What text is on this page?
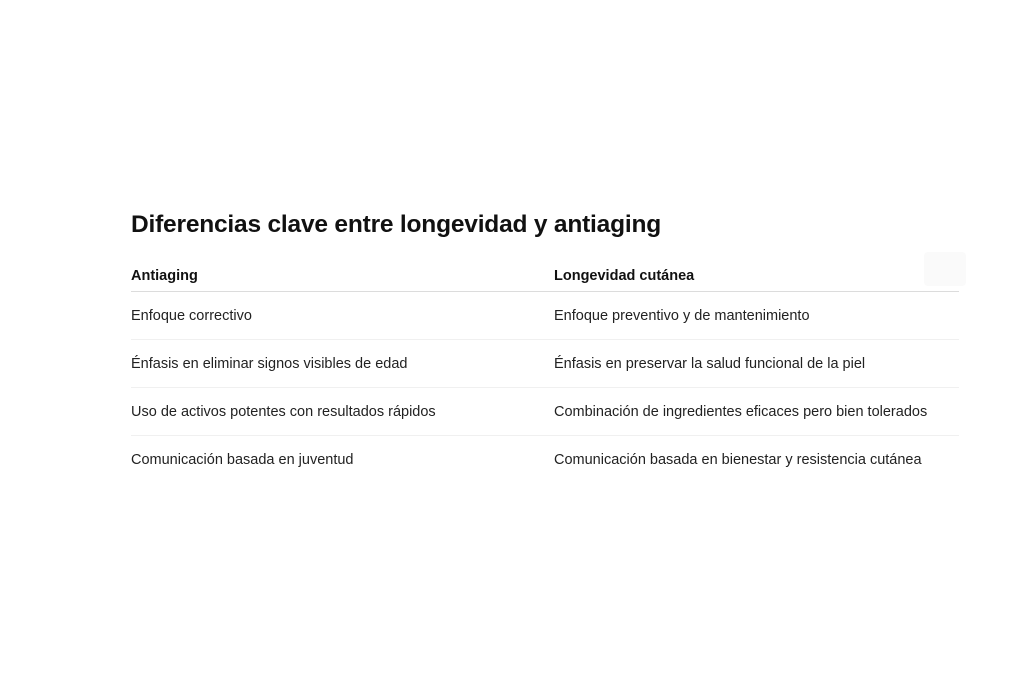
Diferencias clave entre longevidad y antiaging
Antiaging	Longevidad cutánea
Enfoque correctivo	Enfoque preventivo y de mantenimiento
Énfasis en eliminar signos visibles de edad	Énfasis en preservar la salud funcional de la piel
Uso de activos potentes con resultados rápidos	Combinación de ingredientes eficaces pero bien tolerados
Comunicación basada en juventud	Comunicación basada en bienestar y resistencia cutánea
